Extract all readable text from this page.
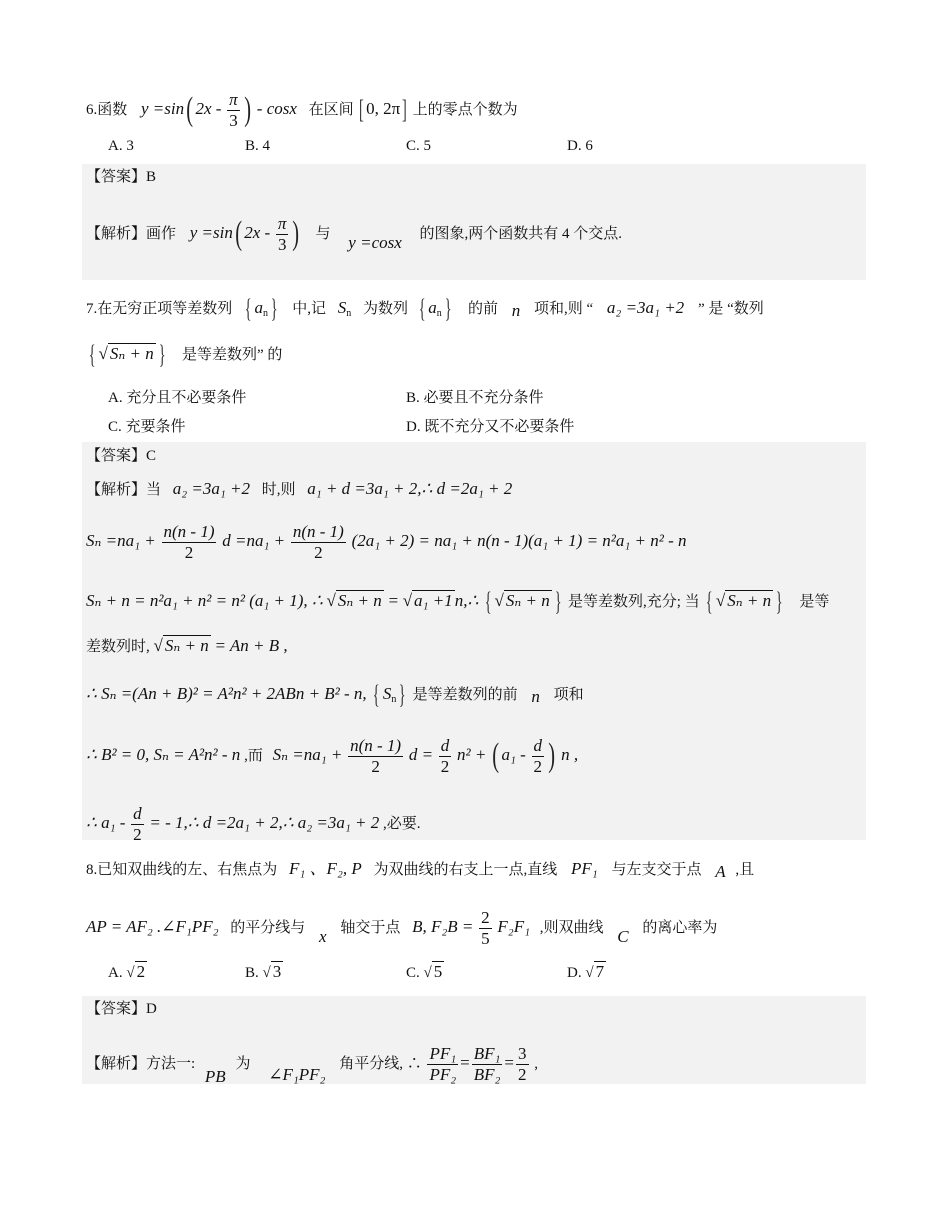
6.函数 y =sin( $2x - \frac{\pi}{3}$ ) - cosx 在区间 [ 0, 2π] 上的零点个数为
A. 3	B. 4	C. 5	D. 6
【答案】B
【解析】画作 y =sin( $2x - \frac{\pi}{3}$ ) 与 y =cosx 的图象,两个函数共有 4 个交点.
7.在无穷正项等差数列 { $a_n$ } 中,记 $S_n$ 为数列 { $a_n$ } 的前 n 项和,则 “ a₂ =3a₁ +2 ” 是 “数列
{ √ Sₙ + n } 是等差数列” 的
A. 充分且不必要条件	B. 必要且不充分条件
C. 充要条件	D. 既不充分又不必要条件
【答案】C
【解析】当 a₂ =3a₁ +2 时,则 a₁ + d =3a₁ + 2,∴ d =2a₁ + 2
$S_n =na_1 + \frac{n(n - 1)}{2}$ $d =na_1 + \frac{n(n - 1)}{2} (2a_1 + 2) = na_1 + n(n - 1)(a_1 + 1) = n^2a_1 + n^2 - n$
Sₙ + n = n²a₁ + n² = n² (a₁ + 1), ∴ √ Sₙ + n = √ a₁ +1 n,∴ { √ Sₙ + n } 是等差数列,充分; 当 { √ Sₙ + n } 是等
差数列时, √ Sₙ + n = An + B ,
∴ Sₙ =(An + B)² = A²n² + 2ABn + B² - n, { $S_n$ } 是等差数列的前 n 项和
∴ B² = 0, Sₙ = A²n² - n ,而 $S_n =na_1 + \frac{n(n - 1)}{2}$ $d = \frac{d}{2} n^2$ + ( $a_1 - \frac{d}{2}$ ) n ,
∴ $a_1 - \frac{d}{2}$ = - 1,∴ d =2a₁ + 2,∴ a₂ =3a₁ + 2 ,必要.
8.已知双曲线的左、右焦点为 F₁ 、F₂, P 为双曲线的右支上一点,直线 PF₁ 与左支交于点 A ,且
AP = AF₂ .∠F₁PF₂ 的平分线与 x 轴交于点 B, $F_2B = \frac{2}{5} F_2F_1$ ,则双曲线 C 的离心率为
A. √ 2	B. √ 3	C. √ 5	D. √ 7
【答案】D
【解析】方法一: PB 为 ∠F₁PF₂ 角平分线, ∴ $\frac{\text{PF₁}}{\text{PF₂}} = \frac{\text{BF₁}}{\text{BF₂}} = \frac{3}{2}$ ,
